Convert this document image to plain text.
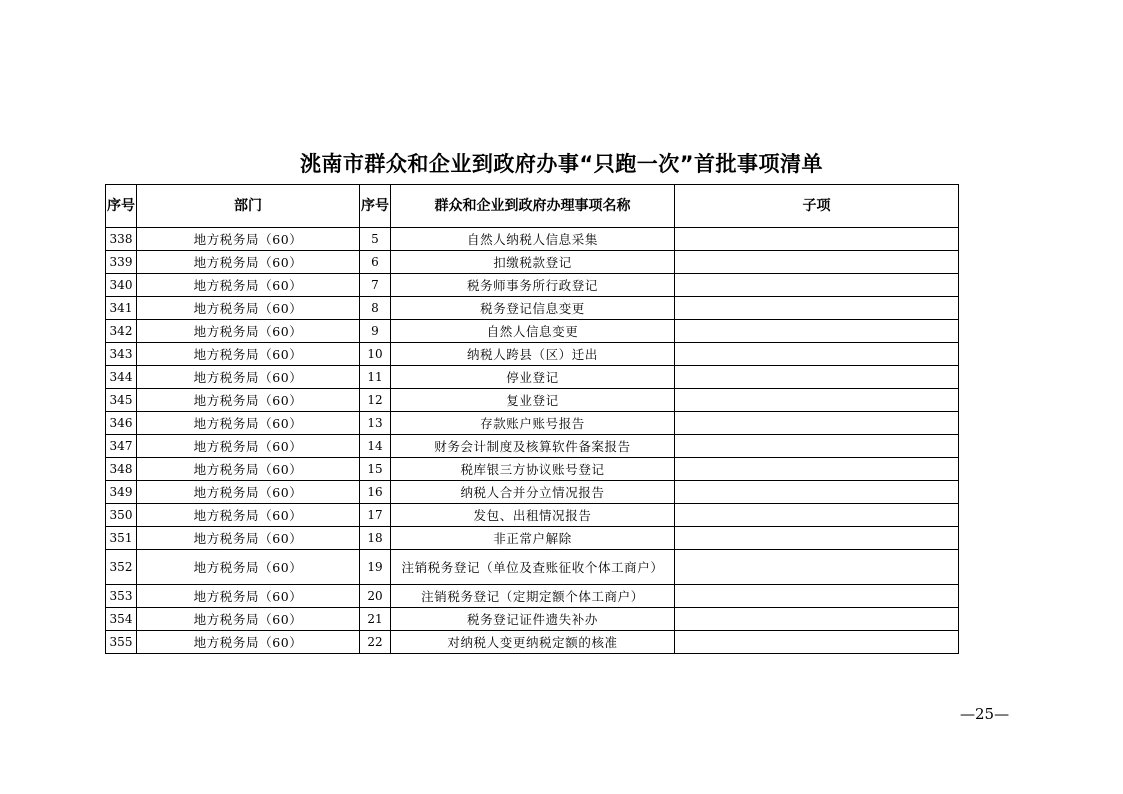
洮南市群众和企业到政府办事“只跑一次”首批事项清单
序号	部门	序号	群众和企业到政府办理事项名称	子项
338	地方税务局（60）	5	自然人纳税人信息采集	
339	地方税务局（60）	6	扣缴税款登记	
340	地方税务局（60）	7	税务师事务所行政登记	
341	地方税务局（60）	8	税务登记信息变更	
342	地方税务局（60）	9	自然人信息变更	
343	地方税务局（60）	10	纳税人跨县（区）迁出	
344	地方税务局（60）	11	停业登记	
345	地方税务局（60）	12	复业登记	
346	地方税务局（60）	13	存款账户账号报告	
347	地方税务局（60）	14	财务会计制度及核算软件备案报告	
348	地方税务局（60）	15	税库银三方协议账号登记	
349	地方税务局（60）	16	纳税人合并分立情况报告	
350	地方税务局（60）	17	发包、出租情况报告	
351	地方税务局（60）	18	非正常户解除	
352	地方税务局（60）	19	注销税务登记（单位及查账征收个体工商户）	
353	地方税务局（60）	20	注销税务登记（定期定额个体工商户）	
354	地方税务局（60）	21	税务登记证件遗失补办	
355	地方税务局（60）	22	对纳税人变更纳税定额的核准	
—25—
